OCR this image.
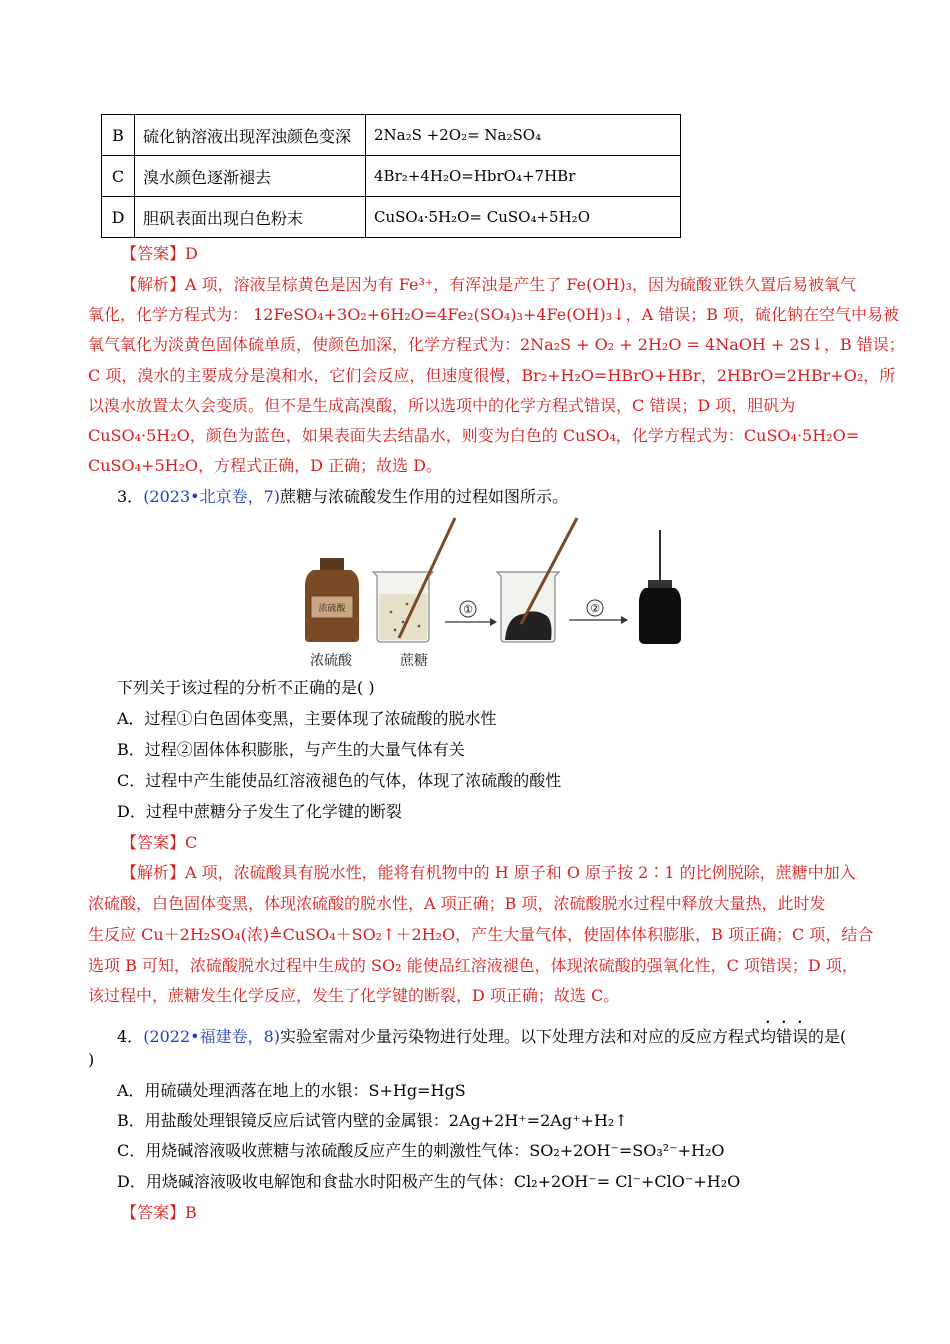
B	硫化钠溶液出现浑浊颜色变深	2Na₂S +2O₂= Na₂SO₄
C	溴水颜色逐渐褪去	4Br₂+4H₂O=HbrO₄+7HBr
D	胆矾表面出现白色粉末	CuSO₄·5H₂O= CuSO₄+5H₂O
【答案】D
【解析】A 项，溶液呈棕黄色是因为有 Fe³⁺，有浑浊是产生了 Fe(OH)₃，因为硫酸亚铁久置后易被氧气
氧化，化学方程式为： 12FeSO₄+3O₂+6H₂O=4Fe₂(SO₄)₃+4Fe(OH)₃↓，A 错误；B 项，硫化钠在空气中易被
氧气氧化为淡黄色固体硫单质，使颜色加深，化学方程式为：2Na₂S + O₂ + 2H₂O = 4NaOH + 2S↓，B 错误；
C 项，溴水的主要成分是溴和水，它们会反应，但速度很慢，Br₂+H₂O=HBrO+HBr，2HBrO=2HBr+O₂，所
以溴水放置太久会变质。但不是生成高溴酸，所以选项中的化学方程式错误，C 错误；D 项，胆矾为
CuSO₄·5H₂O，颜色为蓝色，如果表面失去结晶水，则变为白色的 CuSO₄，化学方程式为：CuSO₄·5H₂O=
CuSO₄+5H₂O，方程式正确，D 正确；故选 D。
3．(2023•北京卷，7)蔗糖与浓硫酸发生作用的过程如图所示。
浓硫酸	①	②
浓硫酸	蔗糖
下列关于该过程的分析不正确的是( )
A．过程①白色固体变黑，主要体现了浓硫酸的脱水性
B．过程②固体体积膨胀，与产生的大量气体有关
C．过程中产生能使品红溶液褪色的气体，体现了浓硫酸的酸性
D．过程中蔗糖分子发生了化学键的断裂
【答案】C
【解析】A 项，浓硫酸具有脱水性，能将有机物中的 H 原子和 O 原子按 2∶1 的比例脱除，蔗糖中加入
浓硫酸，白色固体变黑，体现浓硫酸的脱水性，A 项正确；B 项，浓硫酸脱水过程中释放大量热，此时发
生反应 Cu＋2H₂SO₄(浓)≜CuSO₄＋SO₂↑＋2H₂O，产生大量气体，使固体体积膨胀，B 项正确；C 项，结合
选项 B 可知，浓硫酸脱水过程中生成的 SO₂ 能使品红溶液褪色，体现浓硫酸的强氧化性，C 项错误；D 项，
该过程中，蔗糖发生化学反应，发生了化学键的断裂，D 项正确；故选 C。
4．(2022•福建卷，8)实验室需对少量污染物进行处理。以下处理方法和对应的反应方程式均错误的是(
)
A．用硫磺处理洒落在地上的水银：S+Hg=HgS
B．用盐酸处理银镜反应后试管内壁的金属银：2Ag+2H⁺=2Ag⁺+H₂↑
C．用烧碱溶液吸收蔗糖与浓硫酸反应产生的刺激性气体：SO₂+2OH⁻=SO₃²⁻+H₂O
D．用烧碱溶液吸收电解饱和食盐水时阳极产生的气体：Cl₂+2OH⁻= Cl⁻+ClO⁻+H₂O
【答案】B
